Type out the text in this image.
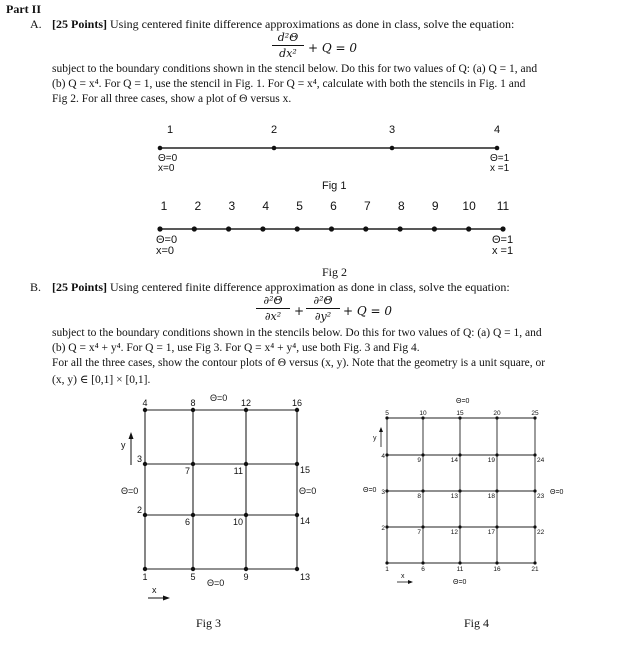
Part II
A. [25 Points] Using centered finite difference approximations as done in class, solve the equation:
d²Θ
dx² + Q = 0
subject to the boundary conditions shown in the stencil below. Do this for two values of Q: (a) Q = 1, and
(b) Q = x⁴. For Q = 1, use the stencil in Fig. 1. For Q = x⁴, calculate with both the stencils in Fig. 1 and
Fig 2. For all three cases, show a plot of Θ versus x.
1	2	3	4
Θ=0
x=0
Θ=1
x =1
1 2 3 4 5 6 7 8 9 10 11
Θ=0
x=0
Θ=1
x =1
1
2
3
4
5
6
7
8
9
10
11
12
13
14
15
16
Θ=0
Θ=0
Θ=0	Θ=0
y
x
1
2
3
4
5
6
7
8
9
10
11
12
13
14
15
16
17
18
19
20
21
22
23
24
25
Θ=0
Θ=0
Θ=0	Θ=0
y
x
Fig 1
Fig 2
B. [25 Points] Using centered finite difference approximation as done in class, solve the equation:
∂²Θ
∂x²	+
∂²Θ
∂y² + Q = 0
subject to the boundary conditions shown in the stencils below. Do this for two values of Q: (a) Q = 1, and
(b) Q = x⁴ + y⁴. For Q = 1, use Fig 3. For Q = x⁴ + y⁴, use both Fig. 3 and Fig 4.
For all the three cases, show the contour plots of Θ versus (x, y). Note that the geometry is a unit square, or
(x, y) ∈ [0,1] × [0,1].
Fig 3	Fig 4
